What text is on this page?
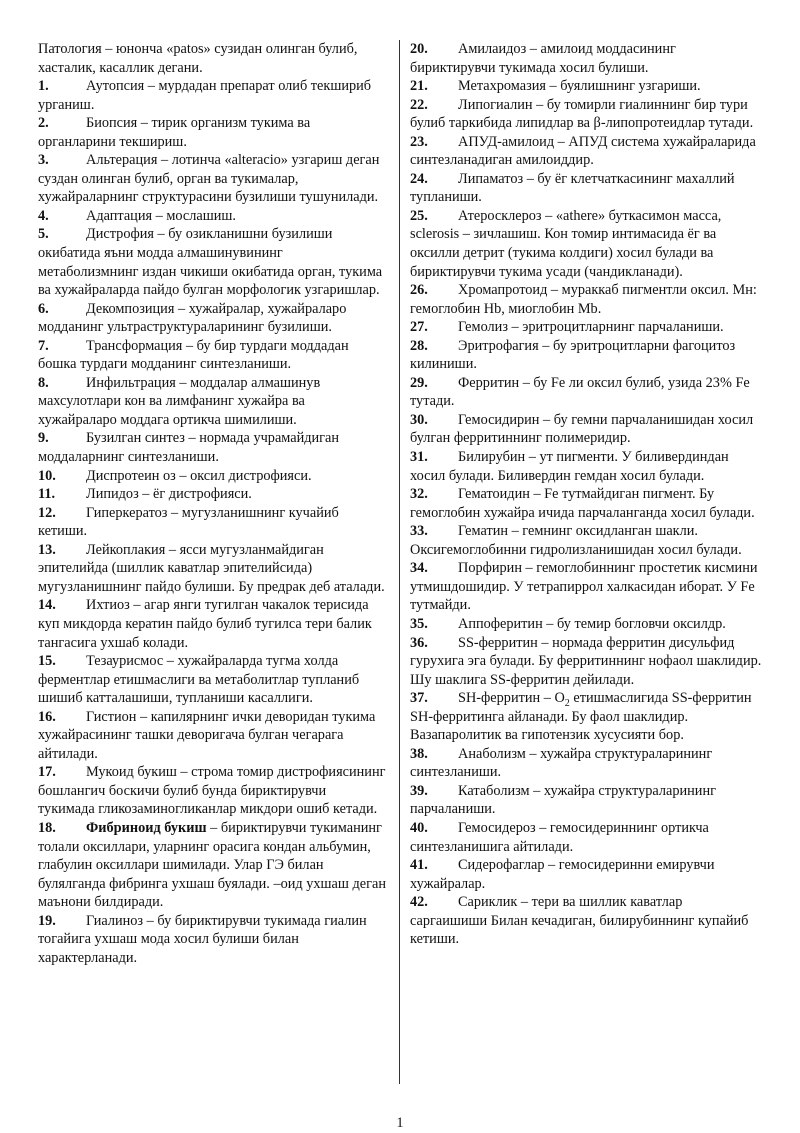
Патология – юнонча «patos» сузидан олинган булиб, хасталик, касаллик дегани.

1.	Аутопсия – мурдадан препарат олиб текшириб урганиш.

2.	Биопсия – тирик организм тукима ва органларини текшириш.

3.	Альтерация – лотинча «alteracio» узгариш деган суздан олинган булиб, орган ва тукималар, хужайраларнинг структурасини бузилиши тушунилади.

4.	Адаптация – мослашиш.

5.	Дистрофия – бу озикланишни бузилиши окибатида яъни модда алмашинувининг метаболизмнинг издан чикиши окибатида орган, тукима ва хужайраларда пайдо булган морфологик узгаришлар.

6.	Декомпозиция – хужайралар, хужайраларо модданинг ультраструктураларининг бузилиши.

7.	Трансформация – бу бир турдаги моддадан бошка турдаги модданинг синтезланиши.

8.	Инфильтрация – моддалар алмашинув махсулотлари кон ва лимфанинг хужайра ва хужайраларо моддага ортикча шимилиши.

9.	Бузилган синтез – нормада учрамайдиган моддаларнинг синтезланиши.

10. Диспротеин оз – оксил дистрофияси.

11. Липидоз – ёг дистрофияси.

12. Гиперкератоз – мугузланишнинг кучайиб кетиши.

13. Лейкоплакия – ясси мугузланмайдиган эпителийда (шиллик каватлар эпителийсида) мугузланишнинг пайдо булиши. Бу предрак деб аталади.

14. Ихтиоз – агар янги тугилган чакалок терисида куп микдорда кератин пайдо булиб тугилса тери балик тангасига ухшаб колади.

15. Тезаурисмос – хужайраларда тугма холда ферментлар етишмаслиги ва метаболитлар тупланиб шишиб катталашиши, тупланиши касаллиги.

16. Гистион – капилярнинг ички деворидан тукима хужайрасининг ташки деворигача булган чегарага айтилади.

17. Мукоид букиш – строма томир дистрофиясининг бошлангич боскичи булиб бунда бириктирувчи тукимада гликозаминогликанлар микдори ошиб кетади.

18. Фибриноид букиш – бириктирувчи тукиманинг толали оксиллари, уларнинг орасига кондан альбумин, глабулин оксиллари шимилади. Улар ГЭ билан булялганда фибринга ухшаш буялади. –оид ухшаш деган маънони билдиради.

19. Гиалиноз – бу бириктирувчи тукимада гиалин тогайига ухшаш мода хосил булиши билан характерланади.

20. Амилаидоз – амилоид моддасининг бириктирувчи тукимада хосил булиши.

21. Метахромазия – буялишнинг узгариши.

22. Липогиалин – бу томирли гиалиннинг бир тури булиб таркибида липидлар ва β-липопротеидлар тутади.

23. АПУД-амилоид – АПУД система хужайраларида синтезланадиган амилоиддир.

24. Липаматоз – бу ёг клетчаткасининг махаллий тупланиши.

25. Атеросклероз – «athere» буткасимон масса, sclerosis – зичлашиш. Кон томир интимасида ёг ва оксилли детрит (тукима колдиги) хосил булади ва бириктирувчи тукима усади (чандикланади).

26. Хромапротоид – мураккаб пигментли оксил. Мн: гемоглобин Hb, миоглобин Mb.

27. Гемолиз – эритроцитларнинг парчаланиши.

28. Эритрофагия – бу эритроцитларни фагоцитоз килиниши.

29. Ферритин – бу Fe ли оксил булиб, узида 23% Fe тутади.

30. Гемосидирин – бу гемни парчаланишидан хосил булган ферритиннинг полимеридир.

31. Билирубин – ут пигменти. У биливердиндан хосил булади. Биливердин гемдан хосил булади.

32. Гематоидин – Fe тутмайдиган пигмент. Бу гемоглобин хужайра ичида парчаланганда хосил булади.

33. Гематин – гемнинг оксидланган шакли. Оксигемоглобинни гидролизланишидан хосил булади.

34. Порфирин – гемоглобиннинг простетик кисмини утмишдошидир. У тетрапиррол халкасидан иборат. У Fe тутмайди.

35. Аппоферитин – бу темир богловчи оксилдр.

36. SS-ферритин – нормада ферритин дисульфид гурухига эга булади. Бу ферритиннинг нофаол шаклидир. Шу шаклига SS-ферритин дейилади.

37. SH-ферритин – $O_2$ етишмаслигида SS-ферритин SH-ферритинга айланади. Бу фаол шаклидир. Вазапаролитик ва гипотензик хусусияти бор.

38. Анаболизм – хужайра структураларининг синтезланиши.

39. Катаболизм – хужайра структураларининг парчаланиши.

40. Гемосидероз – гемосидериннинг ортикча синтезланишига айтилади.

41. Сидерофаглар – гемосидеринни емирувчи хужайралар.

42. Сариклик – тери ва шиллик каватлар саргаишиши Билан кечадиган, билирубиннинг купайиб кетиши.

1
